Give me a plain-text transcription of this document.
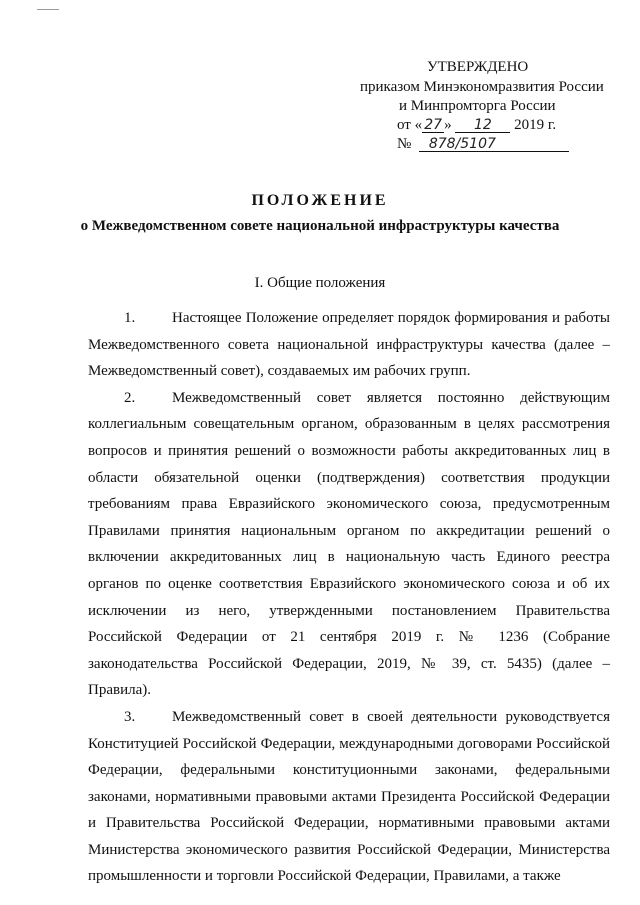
УТВЕРЖДЕНО
приказом Минэкономразвития России
и Минпромторга России
от « 27 » 12 2019 г.
№ 878/5107
ПОЛОЖЕНИЕ
о Межведомственном совете национальной инфраструктуры качества
I. Общие положения

1. Настоящее Положение определяет порядок формирования и работы Межведомственного совета национальной инфраструктуры качества (далее – Межведомственный совет), создаваемых им рабочих групп.

2. Межведомственный совет является постоянно действующим коллегиальным совещательным органом, образованным в целях рассмотрения вопросов и принятия решений о возможности работы аккредитованных лиц в области обязательной оценки (подтверждения) соответствия продукции требованиям права Евразийского экономического союза, предусмотренным Правилами принятия национальным органом по аккредитации решений о включении аккредитованных лиц в национальную часть Единого реестра органов по оценке соответствия Евразийского экономического союза и об их исключении из него, утвержденными постановлением Правительства Российской Федерации от 21 сентября 2019 г. № 1236 (Собрание законодательства Российской Федерации, 2019, № 39, ст. 5435) (далее – Правила).

3. Межведомственный совет в своей деятельности руководствуется Конституцией Российской Федерации, международными договорами Российской Федерации, федеральными конституционными законами, федеральными законами, нормативными правовыми актами Президента Российской Федерации и Правительства Российской Федерации, нормативными правовыми актами Министерства экономического развития Российской Федерации, Министерства промышленности и торговли Российской Федерации, Правилами, а также
